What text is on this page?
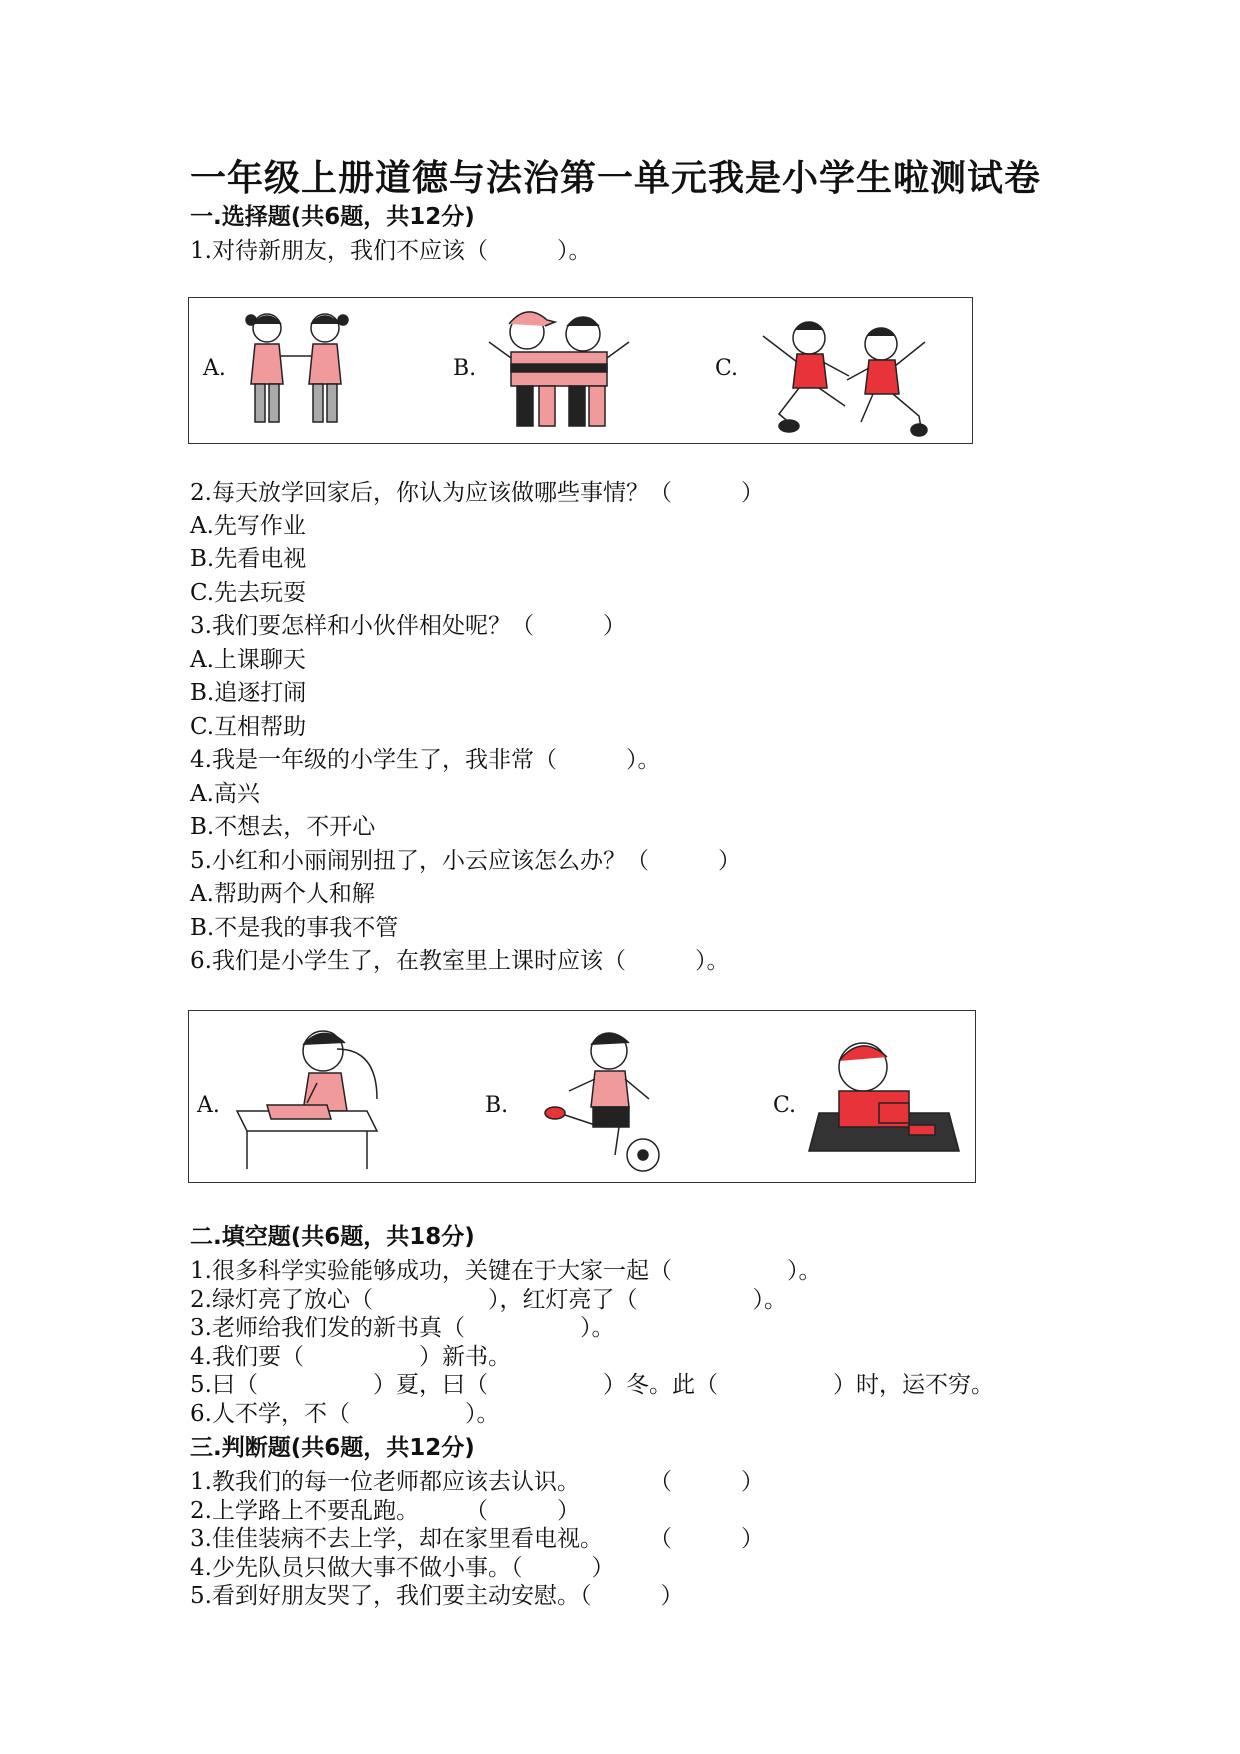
一年级上册道德与法治第一单元我是小学生啦测试卷
一.选择题(共6题，共12分)
1.对待新朋友，我们不应该（　　　）。
A.	B.	C.
2.每天放学回家后，你认为应该做哪些事情？（　　　）
A.先写作业
B.先看电视
C.先去玩耍
3.我们要怎样和小伙伴相处呢？（　　　）
A.上课聊天
B.追逐打闹
C.互相帮助
4.我是一年级的小学生了，我非常（　　　）。
A.高兴
B.不想去，不开心
5.小红和小丽闹别扭了，小云应该怎么办？（　　　）
A.帮助两个人和解
B.不是我的事我不管
6.我们是小学生了，在教室里上课时应该（　　　）。
A.	B.	C.
二.填空题(共6题，共18分)
1.很多科学实验能够成功，关键在于大家一起（　　　　　）。
2.绿灯亮了放心（　　　　　），红灯亮了（　　　　　）。
3.老师给我们发的新书真（　　　　　）。
4.我们要（　　　　　）新书。
5.曰（　　　　　）夏，曰（　　　　　）冬。此（　　　　　）时，运不穷。
6.人不学，不（　　　　　）。
三.判断题(共6题，共12分)
1.教我们的每一位老师都应该去认识。　　　　（　　　）
2.上学路上不要乱跑。　　　（　　　）
3.佳佳装病不去上学，却在家里看电视。　　　（　　　）
4.少先队员只做大事不做小事。（　　　）
5.看到好朋友哭了，我们要主动安慰。（　　　）
